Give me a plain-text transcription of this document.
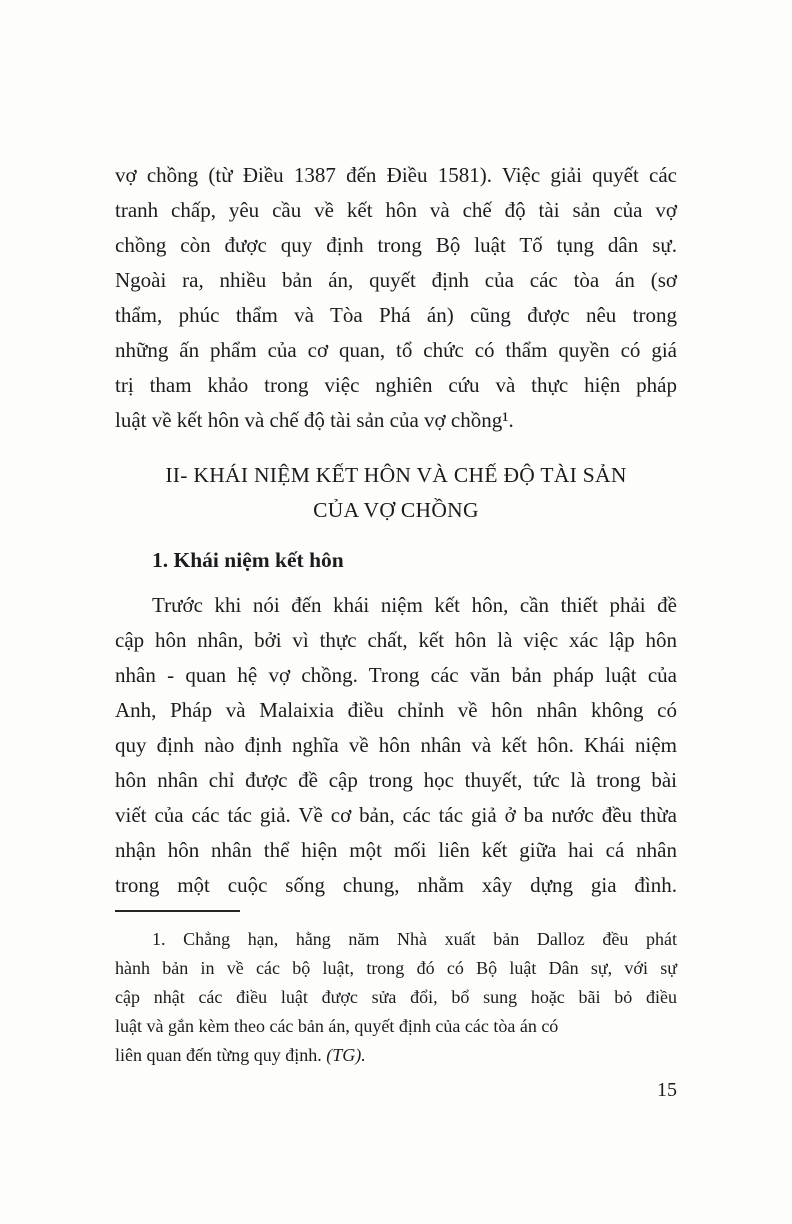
vợ chồng (từ Điều 1387 đến Điều 1581). Việc giải quyết các
tranh chấp, yêu cầu về kết hôn và chế độ tài sản của vợ
chồng còn được quy định trong Bộ luật Tố tụng dân sự.
Ngoài ra, nhiều bản án, quyết định của các tòa án (sơ
thẩm, phúc thẩm và Tòa Phá án) cũng được nêu trong
những ấn phẩm của cơ quan, tổ chức có thẩm quyền có giá
trị tham khảo trong việc nghiên cứu và thực hiện pháp
luật về kết hôn và chế độ tài sản của vợ chồng¹.
II- KHÁI NIỆM KẾT HÔN VÀ CHẾ ĐỘ TÀI SẢN
CỦA VỢ CHỒNG
1. Khái niệm kết hôn
Trước khi nói đến khái niệm kết hôn, cần thiết phải đề
cập hôn nhân, bởi vì thực chất, kết hôn là việc xác lập hôn
nhân - quan hệ vợ chồng. Trong các văn bản pháp luật của
Anh, Pháp và Malaixia điều chỉnh về hôn nhân không có
quy định nào định nghĩa về hôn nhân và kết hôn. Khái niệm
hôn nhân chỉ được đề cập trong học thuyết, tức là trong bài
viết của các tác giả. Về cơ bản, các tác giả ở ba nước đều thừa
nhận hôn nhân thể hiện một mối liên kết giữa hai cá nhân
trong một cuộc sống chung, nhằm xây dựng gia đình.
1. Chẳng hạn, hằng năm Nhà xuất bản Dalloz đều phát
hành bản in về các bộ luật, trong đó có Bộ luật Dân sự, với sự
cập nhật các điều luật được sửa đổi, bổ sung hoặc bãi bỏ điều
luật và gắn kèm theo các bản án, quyết định của các tòa án có
liên quan đến từng quy định. (TG).
15
